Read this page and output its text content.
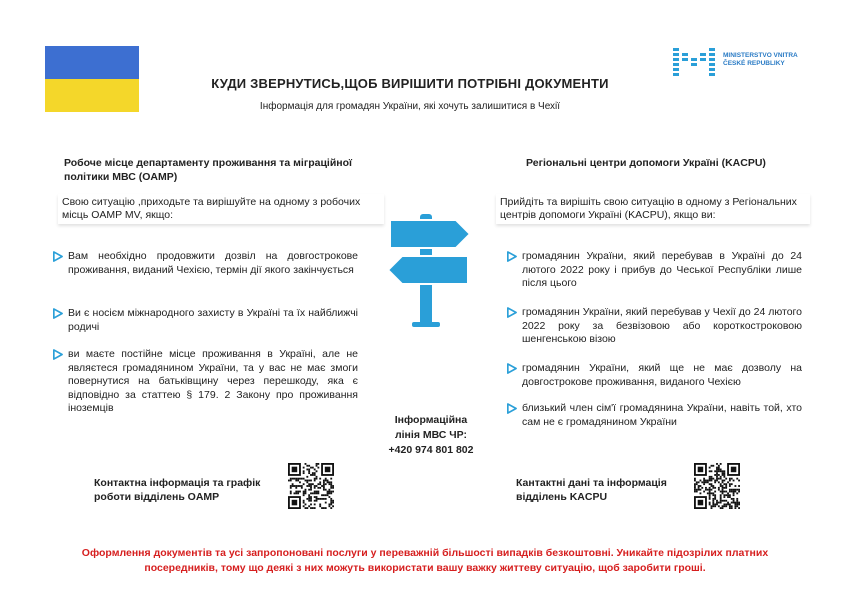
КУДИ ЗВЕРНУТИСЬ,ЩОБ ВИРІШИТИ ПОТРІБНІ ДОКУМЕНТИ
Інформація для громадян України, які хочуть залишитися в Чехії
MINISTERSTVO VNITRA
ČESKÉ REPUBLIKY
Робоче місце департаменту проживання та міграційної політики МВС (OAMP)
Свою ситуацію ,приходьте та вирішуйте на одному з робочих місць OAMP MV, якщо:
Вам необхідно продовжити дозвіл на довгострокове проживання, виданий Чехією, термін дії якого закінчується
Ви є носієм міжнародного захисту в Україні та їх найближчі родичі
ви маєте постійне місце проживання в Україні, але не являєтеся громадянином України, та у вас не має змоги повернутися на батьківщину через перешкоду, яка є відповідно за статтею § 179. 2 Закону про проживання іноземців
Регіональні центри допомоги Україні (KACPU)
Прийдіть та вирішіть свою ситуацію в одному з Регіональних центрів допомоги Україні (KACPU), якщо ви:
громадянин України, який перебував в Україні до 24 лютого 2022 року і прибув до Чеської Республіки лише після цього
громадянин України, який перебував у Чехії до 24 лютого 2022 року за безвізовою або короткостроковою шенгенською візою
громадянин України, який ще не має дозволу на довгострокове проживання, виданого Чехією
близький член сім'ї громадянина України, навіть той, хто сам не є громадянином України
Інформаційна
лінія МВС ЧР:
+420 974 801 802
Контактна інформація та графік роботи відділень OAMP
Кантактні дані та інформація відділень KACPU
Оформлення документів та усі запропоновані послуги у переважній більшості випадків безкоштовні. Уникайте підозрілих платних посередників, тому що деякі з них можуть використати вашу важку життеву ситуацію, щоб заробити гроші.
